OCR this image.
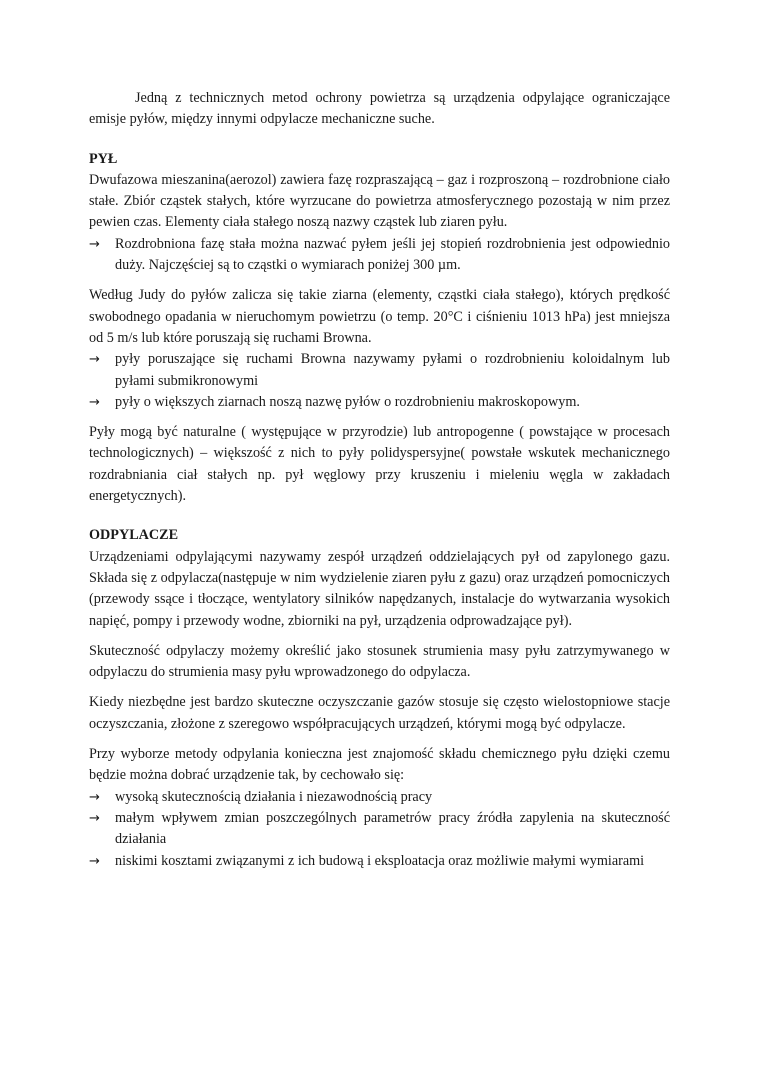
Jedną z technicznych metod ochrony powietrza są urządzenia odpylające ograniczające emisje pyłów, między innymi odpylacze mechaniczne suche.

PYŁ

Dwufazowa mieszanina(aerozol) zawiera fazę rozpraszającą – gaz i rozproszoną – rozdrobnione ciało stałe. Zbiór cząstek stałych, które wyrzucane do powietrza atmosferycznego pozostają w nim przez pewien czas. Elementy ciała stałego noszą nazwy cząstek lub ziaren pyłu.

→	Rozdrobniona fazę stała można nazwać pyłem jeśli jej stopień rozdrobnienia jest odpowiednio duży. Najczęściej są to cząstki o wymiarach poniżej 300 µm.

Według Judy do pyłów zalicza się takie ziarna (elementy, cząstki ciała stałego), których prędkość swobodnego opadania w nieruchomym powietrzu (o temp. 20°C i ciśnieniu 1013 hPa) jest mniejsza od 5 m/s lub które poruszają się ruchami Browna.

→	pyły poruszające się ruchami Browna nazywamy pyłami o rozdrobnieniu koloidalnym lub pyłami submikronowymi
→	pyły o większych ziarnach noszą nazwę pyłów o rozdrobnieniu makroskopowym.

Pyły mogą być naturalne ( występujące w przyrodzie) lub antropogenne ( powstające w procesach technologicznych) – większość z nich to pyły polidyspersyjne( powstałe wskutek mechanicznego rozdrabniania ciał stałych np. pył węglowy przy kruszeniu i mieleniu węgla w zakładach energetycznych).

ODPYLACZE

Urządzeniami odpylającymi nazywamy zespół urządzeń oddzielających pył od zapylonego gazu. Składa się z odpylacza(następuje w nim wydzielenie ziaren pyłu z gazu) oraz urządzeń pomocniczych (przewody ssące i tłoczące, wentylatory silników napędzanych, instalacje do wytwarzania wysokich napięć, pompy i przewody wodne, zbiorniki na pył, urządzenia odprowadzające pył).

Skuteczność odpylaczy możemy określić jako stosunek strumienia masy pyłu zatrzymywanego w odpylaczu do strumienia masy pyłu wprowadzonego do odpylacza.

Kiedy niezbędne jest bardzo skuteczne oczyszczanie gazów stosuje się często wielostopniowe stacje oczyszczania, złożone z szeregowo współpracujących urządzeń, którymi mogą być odpylacze.

Przy wyborze metody odpylania konieczna jest znajomość składu chemicznego pyłu dzięki czemu będzie można dobrać urządzenie tak, by cechowało się:

→	wysoką skutecznością działania i niezawodnością pracy
→	małym wpływem zmian poszczególnych parametrów pracy źródła zapylenia na skuteczność działania
→	niskimi kosztami związanymi z ich budową i eksploatacja oraz możliwie małymi wymiarami
